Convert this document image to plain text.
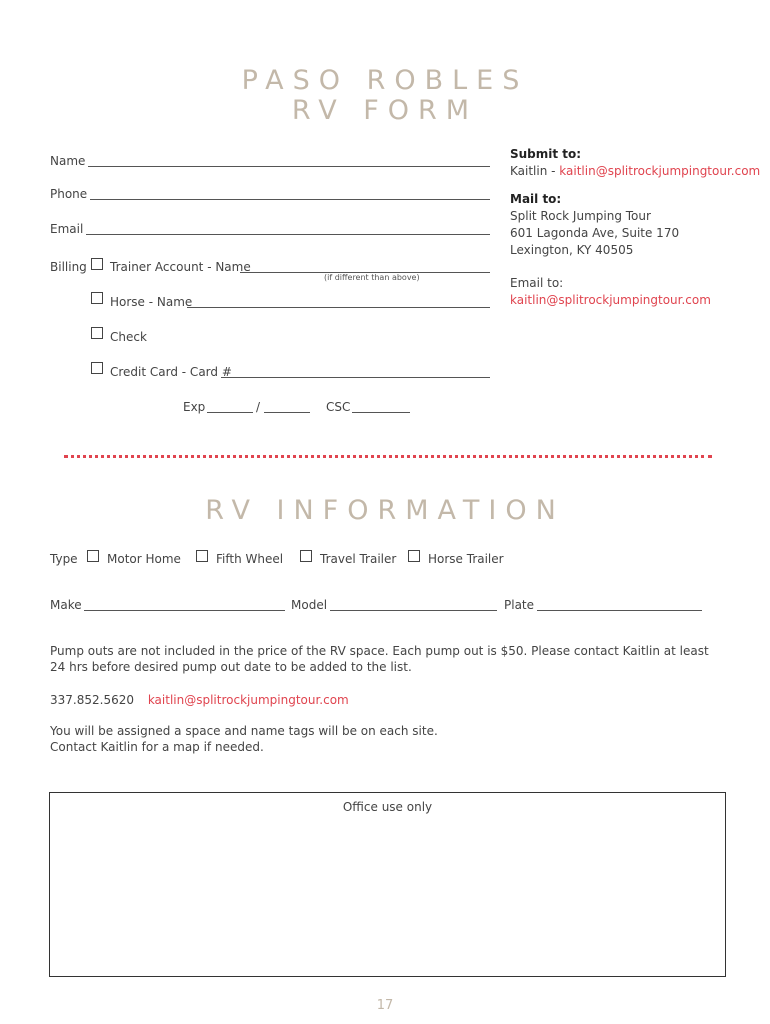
PASO ROBLES
RV FORM
Name
Phone
Email
Billing Trainer Account - Name
(if different than above)
Horse - Name
Check
Credit Card - Card #
Exp	/	CSC
Submit to:
Kaitlin - kaitlin@splitrockjumpingtour.com
Mail to:
Split Rock Jumping Tour
601 Lagonda Ave, Suite 170
Lexington, KY 40505
Email to:
kaitlin@splitrockjumpingtour.com
RV INFORMATION
Type Motor Home	Fifth Wheel	Travel Trailer	Horse Trailer
Make	Model	Plate
Pump outs are not included in the price of the RV space. Each pump out is $50. Please contact Kaitlin at least
24 hrs before desired pump out date to be added to the list.
337.852.5620 kaitlin@splitrockjumpingtour.com
You will be assigned a space and name tags will be on each site.
Contact Kaitlin for a map if needed.
Office use only
17
